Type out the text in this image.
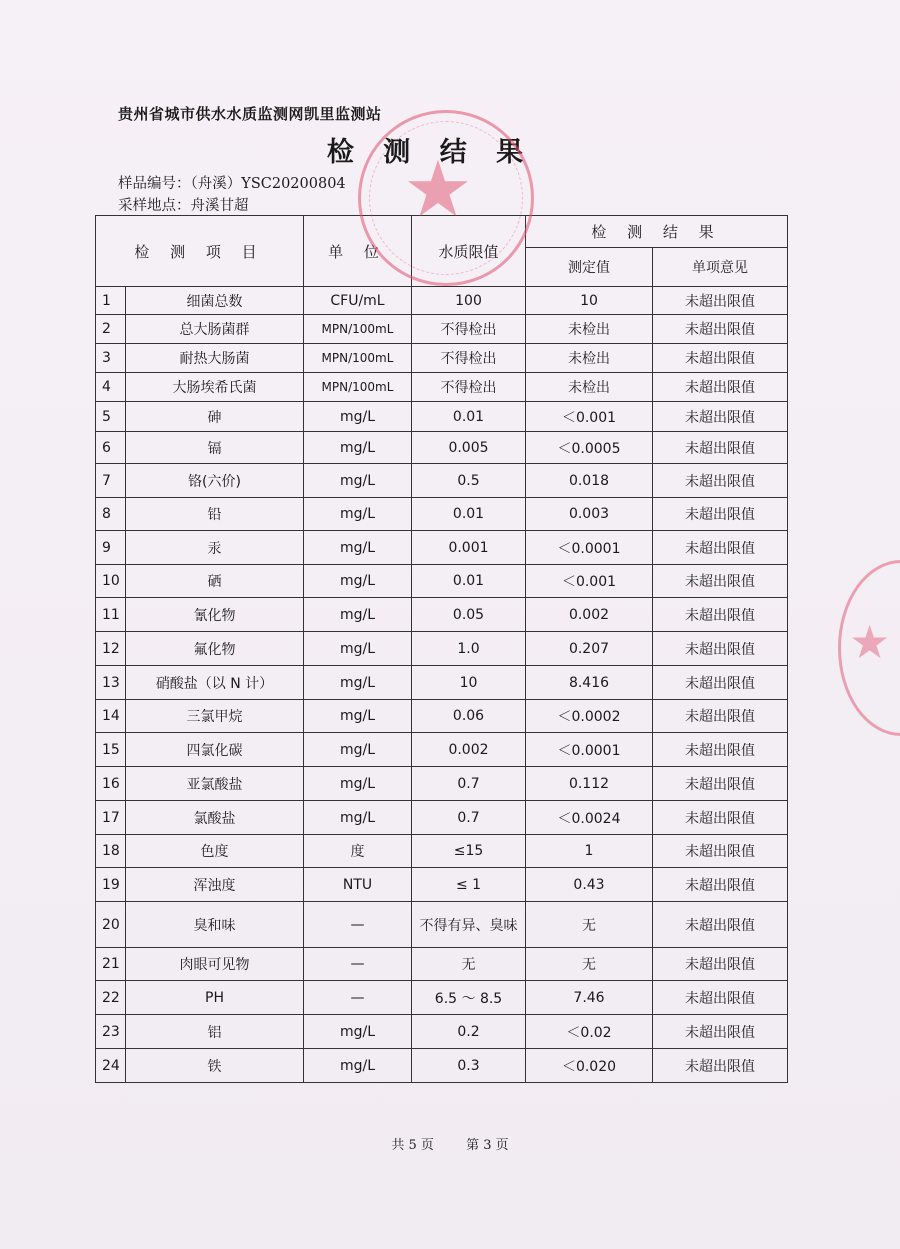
贵州省城市供水水质监测网凯里监测站
检 测 结 果
样品编号：（舟溪）YSC20200804
采样地点：舟溪甘超
检 测 项 目		单 位	水质限值	检 测 结 果	
				测定值	单项意见
1	细菌总数	CFU/mL	100	10	未超出限值
2	总大肠菌群	MPN/100mL	不得检出	未检出	未超出限值
3	耐热大肠菌	MPN/100mL	不得检出	未检出	未超出限值
4	大肠埃希氏菌	MPN/100mL	不得检出	未检出	未超出限值
5	砷	mg/L	0.01	＜0.001	未超出限值
6	镉	mg/L	0.005	＜0.0005	未超出限值
7	铬(六价)	mg/L	0.5	0.018	未超出限值
8	铅	mg/L	0.01	0.003	未超出限值
9	汞	mg/L	0.001	＜0.0001	未超出限值
10	硒	mg/L	0.01	＜0.001	未超出限值
11	氰化物	mg/L	0.05	0.002	未超出限值
12	氟化物	mg/L	1.0	0.207	未超出限值
13	硝酸盐（以 N 计）	mg/L	10	8.416	未超出限值
14	三氯甲烷	mg/L	0.06	＜0.0002	未超出限值
15	四氯化碳	mg/L	0.002	＜0.0001	未超出限值
16	亚氯酸盐	mg/L	0.7	0.112	未超出限值
17	氯酸盐	mg/L	0.7	＜0.0024	未超出限值
18	色度	度	≤15	1	未超出限值
19	浑浊度	NTU	≤ 1	0.43	未超出限值
20	臭和味	—	不得有异、臭味	无	未超出限值
21	肉眼可见物	—	无	无	未超出限值
22	PH	—	6.5 ～ 8.5	7.46	未超出限值
23	铝	mg/L	0.2	＜0.02	未超出限值
24	铁	mg/L	0.3	＜0.020	未超出限值
★
★
共 5 页 第 3 页
